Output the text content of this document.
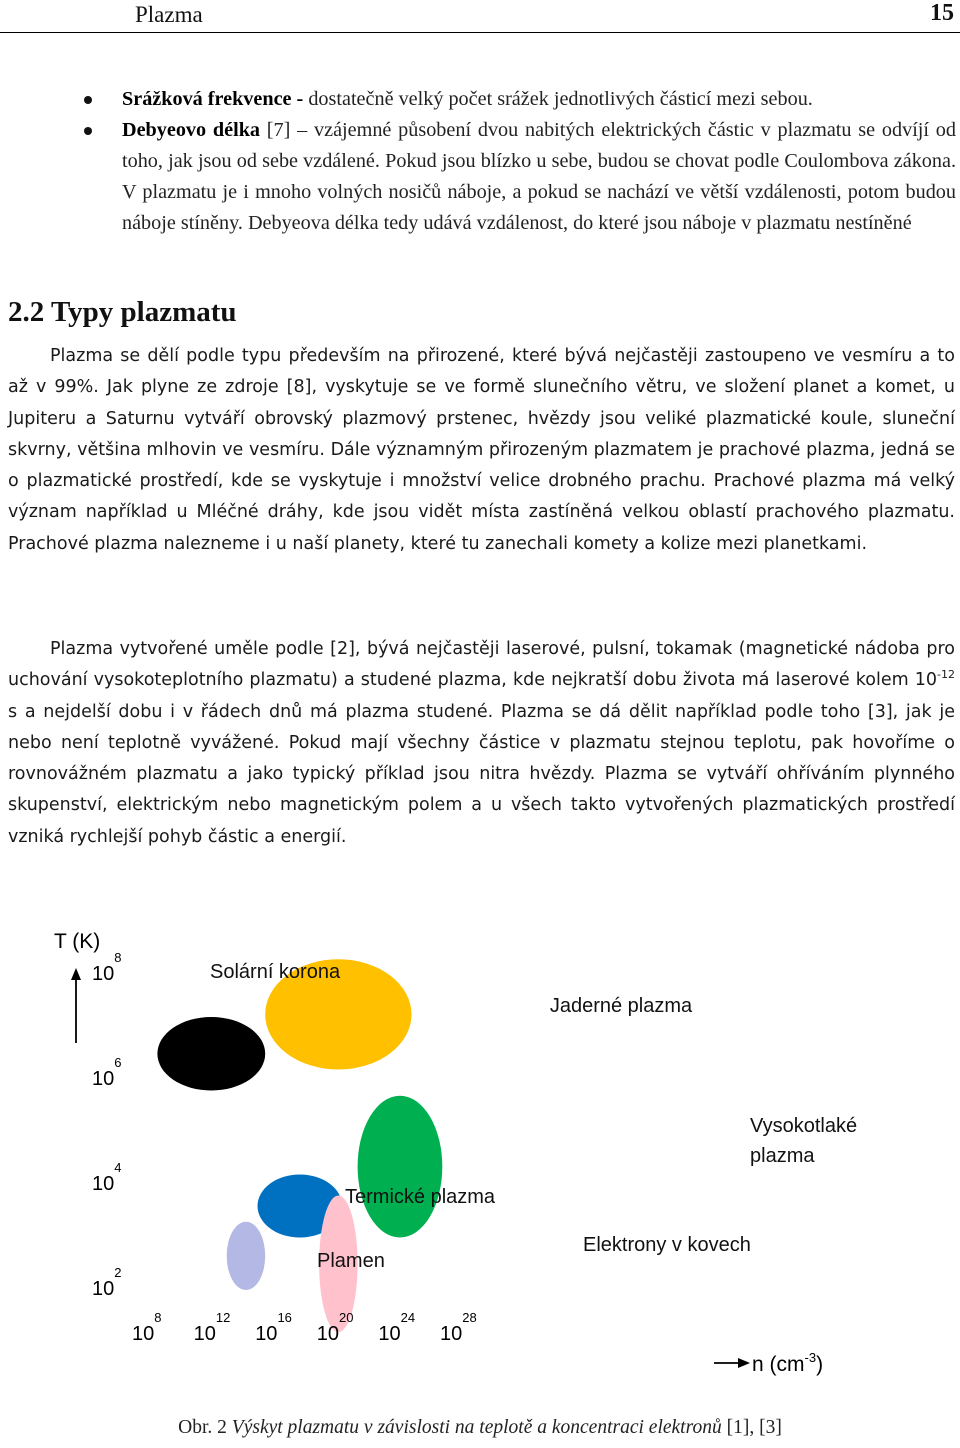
Plazma	15
Srážková frekvence - dostatečně velký počet srážek jednotlivých částicí mezi sebou.
Debyeovo délka [7] – vzájemné působení dvou nabitých elektrických částic v plazmatu se odvíjí od toho, jak jsou od sebe vzdálené. Pokud jsou blízko u sebe, budou se chovat podle Coulombova zákona. V plazmatu je i mnoho volných nosičů náboje, a pokud se nachází ve větší vzdálenosti, potom budou náboje stíněny. Debyeova délka tedy udává vzdálenost, do které jsou náboje v plazmatu nestíněné
2.2 Typy plazmatu

Plazma se dělí podle typu především na přirozené, které bývá nejčastěji zastoupeno ve vesmíru a to až v 99%. Jak plyne ze zdroje [8], vyskytuje se ve formě slunečního větru, ve složení planet a komet, u Jupiteru a Saturnu vytváří obrovský plazmový prstenec, hvězdy jsou veliké plazmatické koule, sluneční skvrny, většina mlhovin ve vesmíru. Dále významným přirozeným plazmatem je prachové plazma, jedná se o plazmatické prostředí, kde se vyskytuje i množství velice drobného prachu. Prachové plazma má velký význam například u Mléčné dráhy, kde jsou vidět místa zastíněná velkou oblastí prachového plazmatu. Prachové plazma nalezneme i u naší planety, které tu zanechali komety a kolize mezi planetkami.

Plazma vytvořené uměle podle [2], bývá nejčastěji laserové, pulsní, tokamak (magnetické nádoba pro uchování vysokoteplotního plazmatu) a studené plazma, kde nejkratší dobu života má laserové kolem $10^{-12}$ s a nejdelší dobu i v řádech dnů má plazma studené. Plazma se dá dělit například podle toho [3], jak je nebo není teplotně vyvážené. Pokud mají všechny částice v plazmatu stejnou teplotu, pak hovoříme o rovnovážném plazmatu a jako typický příklad jsou nitra hvězdy. Plazma se vytváří ohříváním plynného skupenství, elektrickým nebo magnetickým polem a u všech takto vytvořených plazmatických prostředí vzniká rychlejší pohyb částic a energií.

T (K)
n $(cm^{-3})$
Solární korona
Jaderné plazma
Vysokotlaké plazma
Termické plazma
Plamen
Elektrony v kovech
$10^8$
$10^{12}$
$10^{16}$
$10^{20}$
$10^{24}$
$10^{28}$
$10^2$
$10^4$
$10^6$
$10^8$
Obr. 2 Výskyt plazmatu v závislosti na teplotě a koncentraci elektronů [1], [3]
